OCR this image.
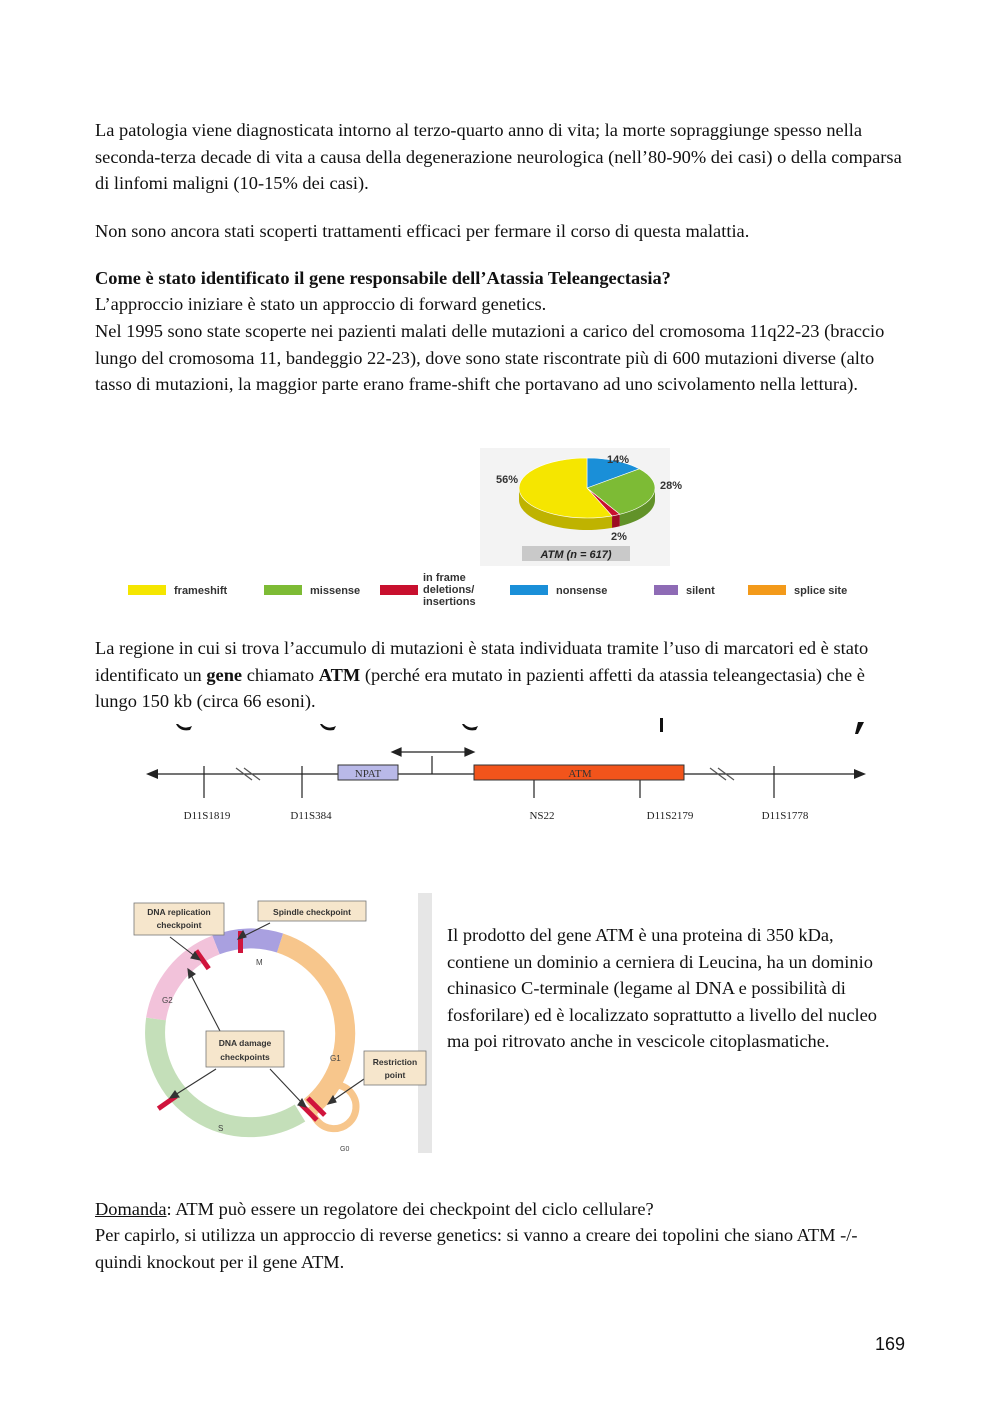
La patologia viene diagnosticata intorno al terzo-quarto anno di vita; la morte sopraggiunge spesso nella seconda-terza decade di vita a causa della degenerazione neurologica (nell’80-90% dei casi) o della comparsa di linfomi maligni (10-15% dei casi).

Non sono ancora stati scoperti trattamenti efficaci per fermare il corso di questa malattia.

Come è stato identificato il gene responsabile dell’Atassia Teleangectasia?

L’approccio iniziare è stato un approccio di forward genetics.

Nel 1995 sono state scoperte nei pazienti malati delle mutazioni a carico del cromosoma 11q22-23 (braccio lungo del cromosoma 11, bandeggio 22-23), dove sono state riscontrate più di 600 mutazioni diverse (alto tasso di mutazioni, la maggior parte erano frame-shift che portavano ad uno scivolamento nella lettura).

56%	28%
2%
14%
ATM (n = 617)
frameshift	missense
in frame
deletions/
insertions
nonsense	silent	splice site

La regione in cui si trova l’accumulo di mutazioni è stata individuata tramite l’uso di marcatori ed è stato identificato un gene chiamato ATM (perché era mutato in pazienti affetti da atassia teleangectasia) che è lungo 150 kb (circa 66 esoni).

NPAT	ATM
D11S1819	D11S384	NS22	D11S2179	D11S1778
M
G1
G2
S
G0
DNA replication
checkpoint
Spindle checkpoint
DNA damage
checkpoints	Restriction
point

Il prodotto del gene ATM è una proteina di 350 kDa, contiene un dominio a cerniera di Leucina, ha un dominio chinasico C-terminale (legame al DNA e possibilità di fosforilare) ed è localizzato soprattutto a livello del nucleo ma poi ritrovato anche in vescicole citoplasmatiche.

Domanda: ATM può essere un regolatore dei checkpoint del ciclo cellulare?

Per capirlo, si utilizza un approccio di reverse genetics: si vanno a creare dei topolini che siano ATM -/- quindi knockout per il gene ATM.

169
